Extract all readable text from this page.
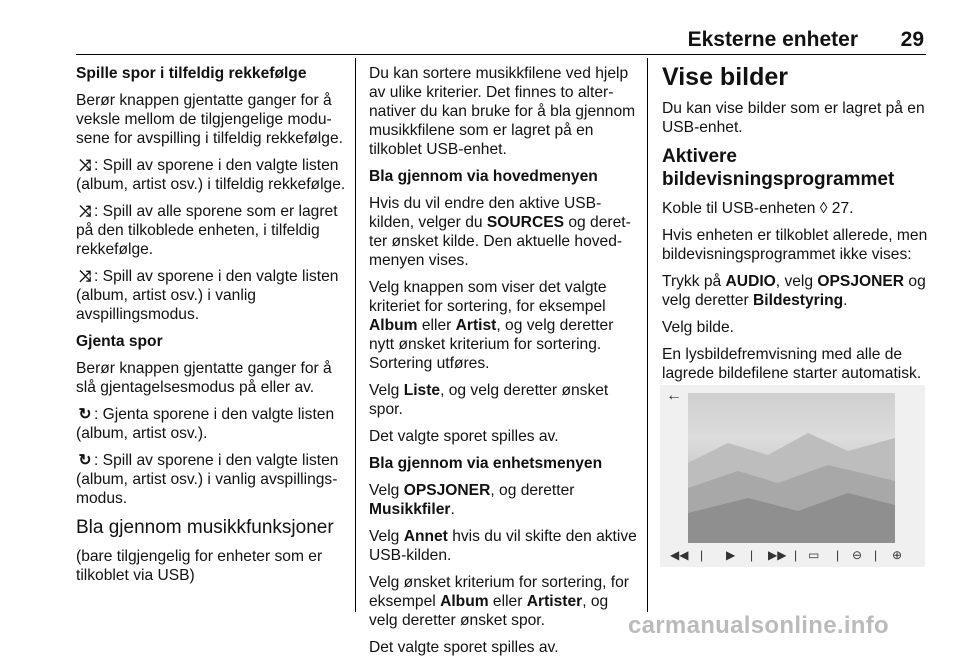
Eksterne enheter 29

Spille spor i tilfeldig rekkefølge

Berør knappen gjentatte ganger for å veksle mellom de tilgjengelige modusene for avspilling i tilfeldig rekkefølge.

⤨ : Spill av sporene i den valgte listen (album, artist osv.) i tilfeldig rekkefølge.

⤨ : Spill av alle sporene som er lagret på den tilkoblede enheten, i tilfeldig rekkefølge.

⤨ : Spill av sporene i den valgte listen (album, artist osv.) i vanlig avspillingsmodus.

Gjenta spor

Berør knappen gjentatte ganger for å slå gjentagelsesmodus på eller av.

↻ : Gjenta sporene i den valgte listen (album, artist osv.).

↻ : Spill av sporene i den valgte listen (album, artist osv.) i vanlig avspillingsmodus.

Bla gjennom musikkfunksjoner

(bare tilgjengelig for enheter som er tilkoblet via USB)

Du kan sortere musikkfilene ved hjelp av ulike kriterier. Det finnes to alternativer du kan bruke for å bla gjennom musikkfilene som er lagret på en tilkoblet USB-enhet.

Bla gjennom via hovedmenyen

Hvis du vil endre den aktive USB-kilden, velger du SOURCES og deretter ønsket kilde. Den aktuelle hovedmenyen vises.

Velg knappen som viser det valgte kriteriet for sortering, for eksempel Album eller Artist, og velg deretter nytt ønsket kriterium for sortering. Sortering utføres.

Velg Liste, og velg deretter ønsket spor.

Det valgte sporet spilles av.

Bla gjennom via enhetsmenyen

Velg OPSJONER, og deretter Musikkfiler.

Velg Annet hvis du vil skifte den aktive USB-kilden.

Velg ønsket kriterium for sortering, for eksempel Album eller Artister, og velg deretter ønsket spor.

Det valgte sporet spilles av.

Vise bilder

Du kan vise bilder som er lagret på en USB-enhet.

Aktivere
bildevisningsprogrammet

Koble til USB-enheten ◊ 27.

Hvis enheten er tilkoblet allerede, men bildevisningsprogrammet ikke vises:

Trykk på AUDIO, velg OPSJONER og velg deretter Bildestyring.

Velg bilde.

En lysbildefremvisning med alle de lagrede bildefilene starter automatisk.

←
◀◀ | ▶ | ▶▶ | ▭ | ⊖ | ⊕
carmanualsonline.info
